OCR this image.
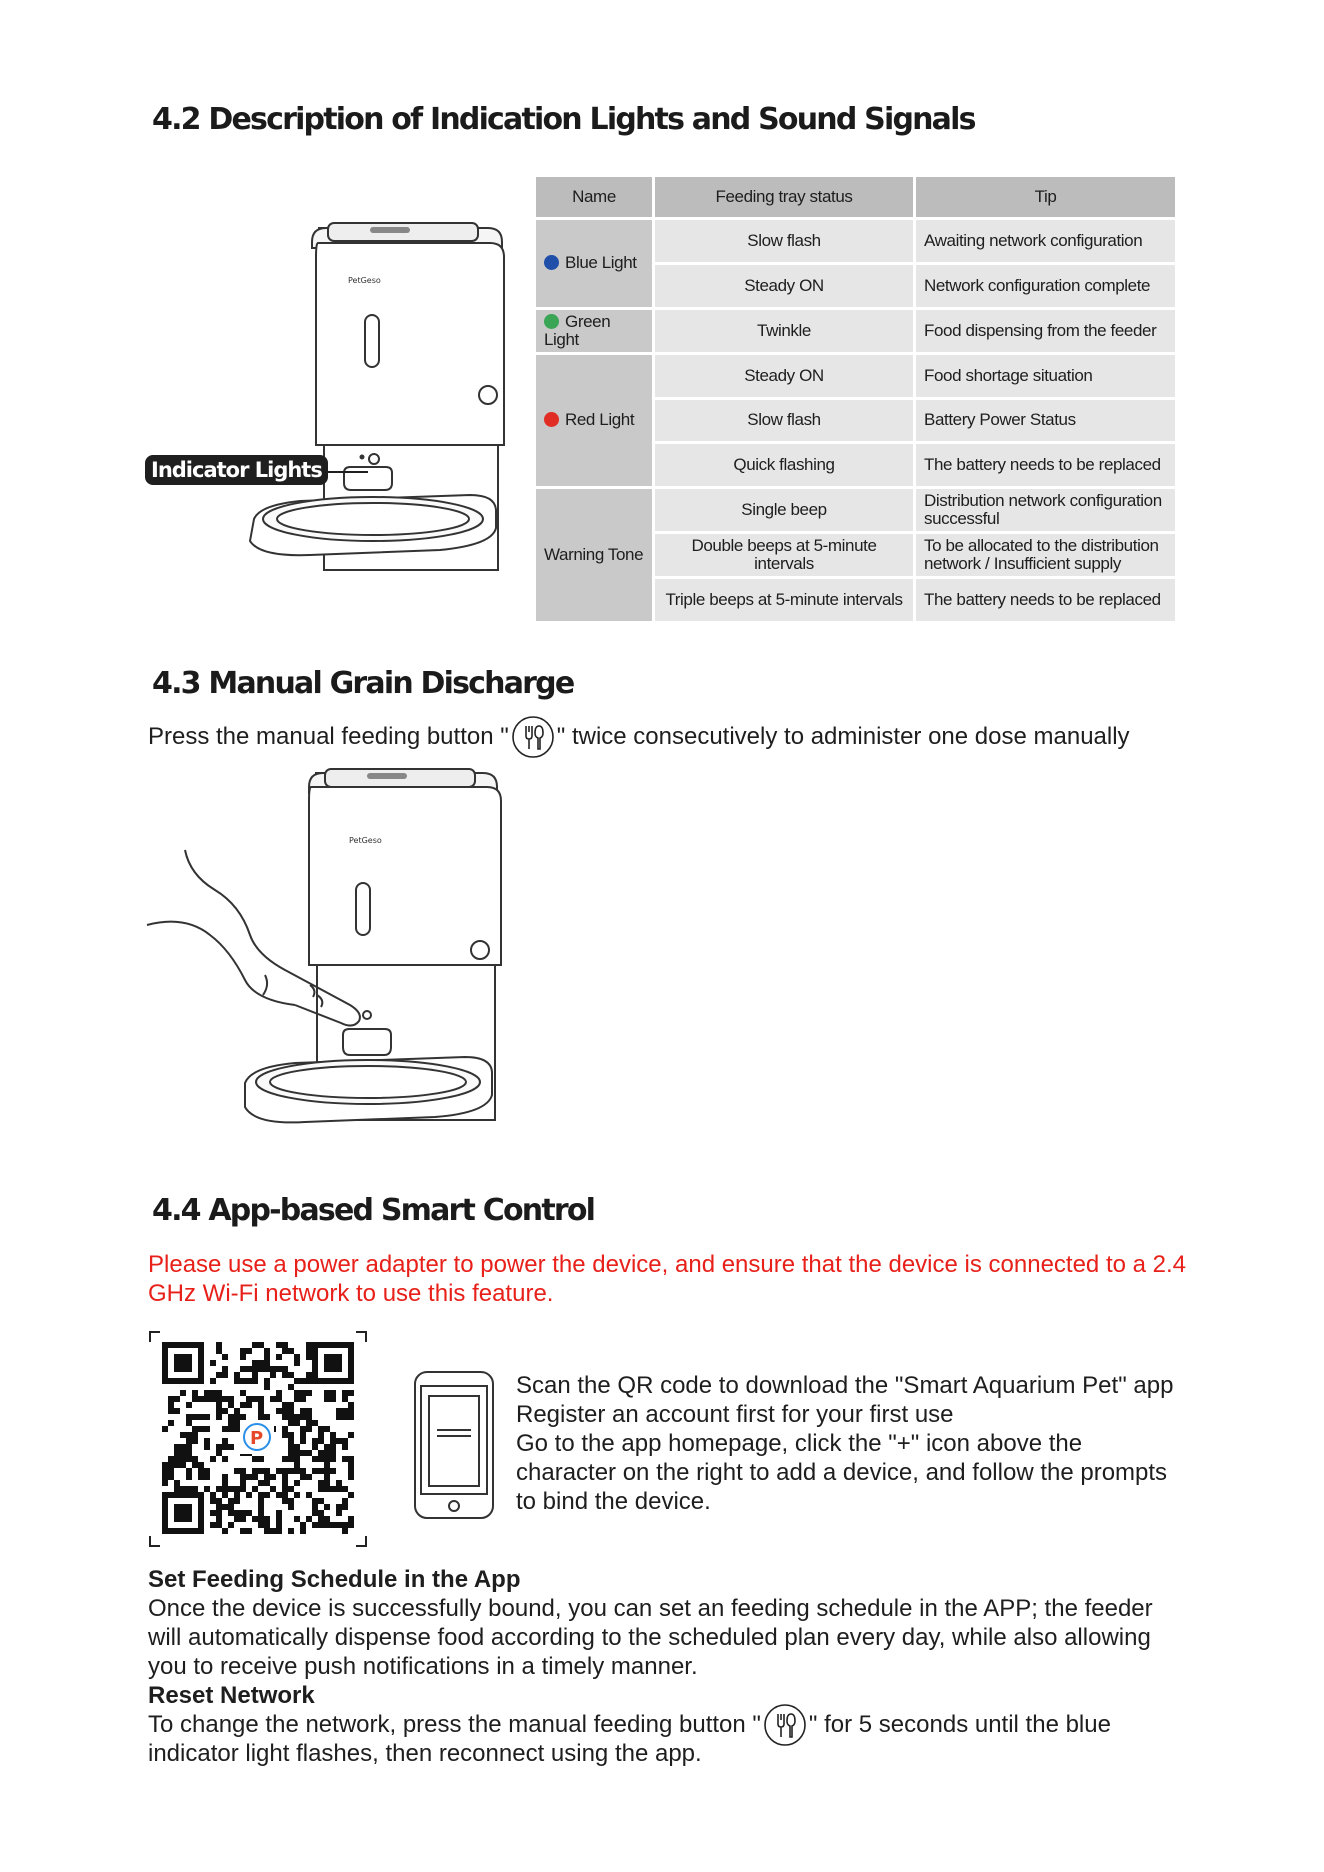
4.2 Description of Indication Lights and Sound Signals
PetGeso
Indicator Lights
Name	Feeding tray status	Tip
Blue Light	Slow flash	Awaiting network configuration
	Steady ON	Network configuration complete
Green Light	Twinkle	Food dispensing from the feeder
Red Light	Steady ON	Food shortage situation
	Slow flash	Battery Power Status
	Quick flashing	The battery needs to be replaced
Warning Tone	Single beep	Distribution network configuration successful
	Double beeps at 5-minute intervals	To be allocated to the distribution network / Insufficient supply
	Triple beeps at 5-minute intervals	The battery needs to be replaced
4.3 Manual Grain Discharge

Press the manual feeding button " " twice consecutively to administer one dose manually

PetGeso
4.4 App-based Smart Control

Please use a power adapter to power the device, and ensure that the device is connected to a 2.4 GHz Wi-Fi network to use this feature.

P
Scan the QR code to download the "Smart Aquarium Pet" app
Register an account first for your first use
Go to the app homepage, click the "+" icon above the character on the right to add a device, and follow the prompts to bind the device.
Set Feeding Schedule in the App
Once the device is successfully bound, you can set an feeding schedule in the APP; the feeder will automatically dispense food according to the scheduled plan every day, while also allowing you to receive push notifications in a timely manner.
Reset Network
To change the network, press the manual feeding button " " for 5 seconds until the blue indicator light flashes, then reconnect using the app.
